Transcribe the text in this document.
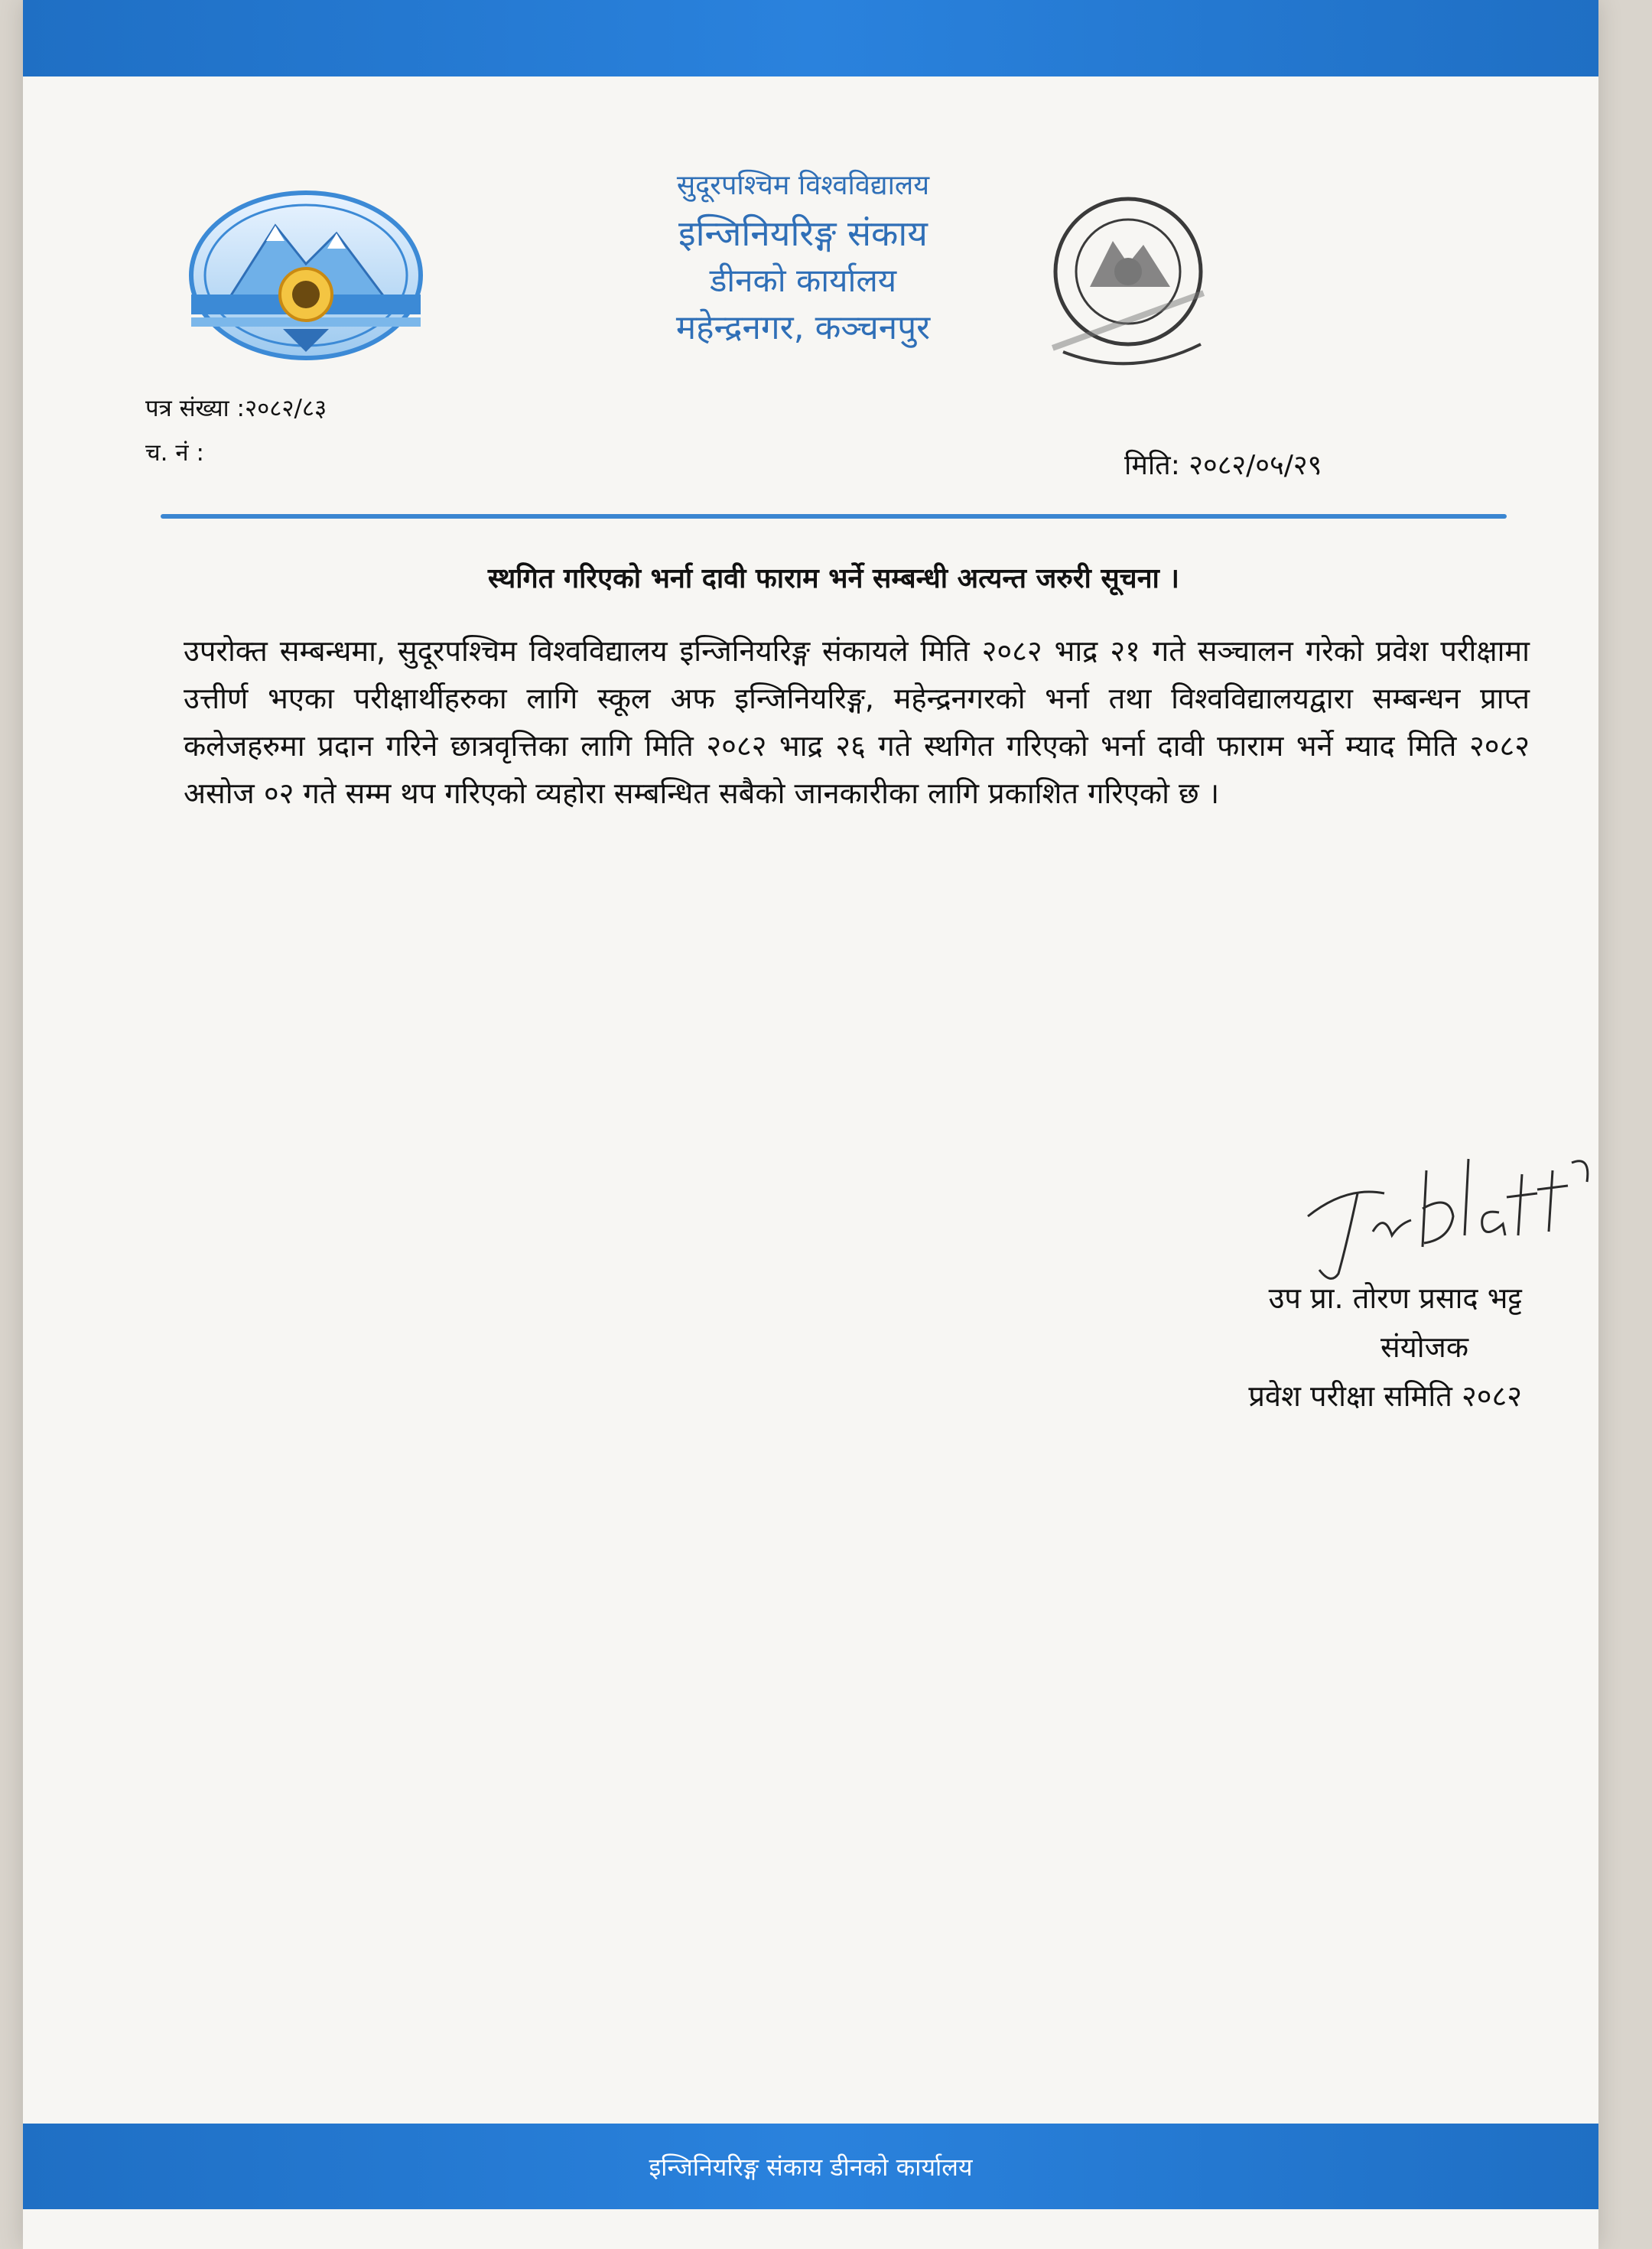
सुदूरपश्चिम विश्वविद्यालय
इन्जिनियरिङ्ग संकाय
डीनको कार्यालय
महेन्द्रनगर, कञ्चनपुर
पत्र संख्या :२०८२/८३
च. नं :	मिति: २०८२/०५/२९
स्थगित गरिएको भर्ना दावी फाराम भर्ने सम्बन्धी अत्यन्त जरुरी सूचना ।
उपरोक्त सम्बन्धमा, सुदूरपश्चिम विश्वविद्यालय इन्जिनियरिङ्ग संकायले मिति २०८२ भाद्र २१ गते सञ्चालन गरेको प्रवेश परीक्षामा उत्तीर्ण भएका परीक्षार्थीहरुका लागि स्कूल अफ इन्जिनियरिङ्ग, महेन्द्रनगरको भर्ना तथा विश्वविद्यालयद्वारा सम्बन्धन प्राप्त कलेजहरुमा प्रदान गरिने छात्रवृत्तिका लागि मिति २०८२ भाद्र २६ गते स्थगित गरिएको भर्ना दावी फाराम भर्ने म्याद मिति २०८२ असोज ०२ गते सम्म थप गरिएको व्यहोरा सम्बन्धित सबैको जानकारीका लागि प्रकाशित गरिएको छ ।
उप प्रा. तोरण प्रसाद भट्ट
संयोजक
प्रवेश परीक्षा समिति २०८२
इन्जिनियरिङ्ग संकाय डीनको कार्यालय
